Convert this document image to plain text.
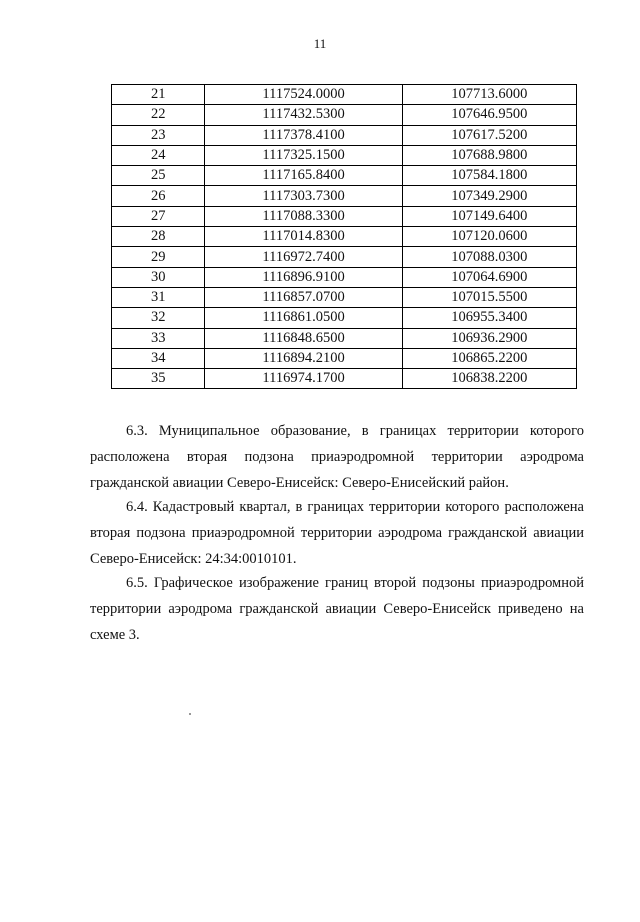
11
21	1117524.0000	107713.6000
22	1117432.5300	107646.9500
23	1117378.4100	107617.5200
24	1117325.1500	107688.9800
25	1117165.8400	107584.1800
26	1117303.7300	107349.2900
27	1117088.3300	107149.6400
28	1117014.8300	107120.0600
29	1116972.7400	107088.0300
30	1116896.9100	107064.6900
31	1116857.0700	107015.5500
32	1116861.0500	106955.3400
33	1116848.6500	106936.2900
34	1116894.2100	106865.2200
35	1116974.1700	106838.2200
6.3. Муниципальное образование, в границах территории которого
расположена вторая подзона приаэродромной территории аэродрома
гражданской авиации Северо-Енисейск: Северо-Енисейский район.
6.4. Кадастровый квартал, в границах территории которого расположена
вторая подзона приаэродромной территории аэродрома гражданской авиации
Северо-Енисейск: 24:34:0010101.
6.5. Графическое изображение границ второй подзоны приаэродромной
территории аэродрома гражданской авиации Северо-Енисейск приведено на
схеме 3.
